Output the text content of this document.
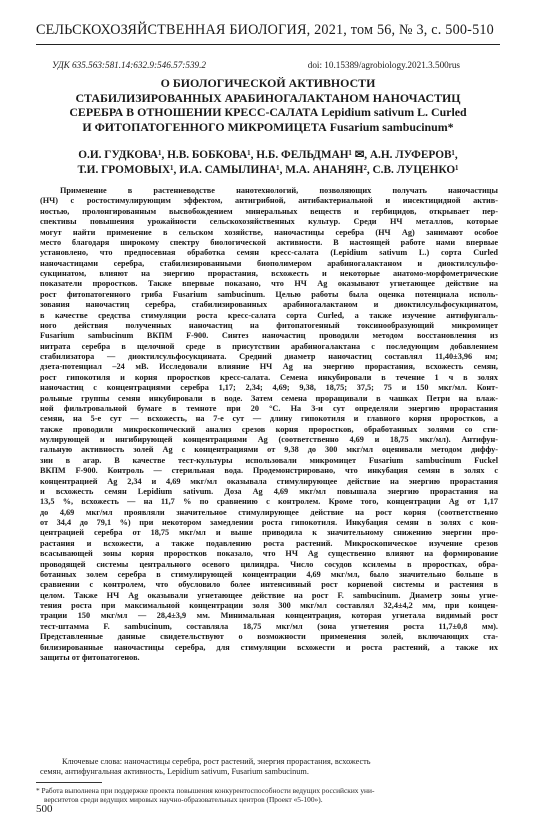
СЕЛЬСКОХОЗЯЙСТВЕННАЯ БИОЛОГИЯ, 2021, том 56, № 3, с. 500-510
УДК 635.563:581.14:632.9:546.57:539.2	doi: 10.15389/agrobiology.2021.3.500rus
О БИОЛОГИЧЕСКОЙ АКТИВНОСТИ
СТАБИЛИЗИРОВАННЫХ АРАБИНОГАЛАКТАНОМ НАНОЧАСТИЦ
СЕРЕБРА В ОТНОШЕНИИ КРЕСС-САЛАТА Lepidium sativum L. Curled
И ФИТОПАТОГЕННОГО МИКРОМИЦЕТА Fusarium sambucinum*
О.И. ГУДКОВА¹, Н.В. БОБКОВА¹, Н.Б. ФЕЛЬДМАН¹ ✉, А.Н. ЛУФЕРОВ¹,
Т.И. ГРОМОВЫХ¹, И.А. САМЫЛИНА¹, М.А. АНАНЯН², С.В. ЛУЦЕНКО¹
Применение в растениеводстве нанотехнологий, позволяющих получать наночастицы
(НЧ) с ростостимулирующим эффектом, антигрибной, антибактериальной и инсектицидной актив-
ностью, пролонгированным высвобождением минеральных веществ и гербицидов, открывает пер-
спективы повышения урожайности сельскохозяйственных культур. Среди НЧ металлов, которые
могут найти применение в сельском хозяйстве, наночастицы серебра (НЧ Ag) занимают особое
место благодаря широкому спектру биологической активности. В настоящей работе нами впервые
установлено, что предпосевная обработка семян кресс-салата (Lepidium sativum L.) сорта Curled
наночастицами серебра, стабилизированными биополимером арабиногалактаном и диоктилсульфо-
сукцинатом, влияют на энергию прорастания, всхожесть и некоторые анатомо-морфометрические
показатели проростков. Также впервые показано, что НЧ Ag оказывают угнетающее действие на
рост фитопатогенного гриба Fusarium sambucinum. Целью работы была оценка потенциала исполь-
зования наночастиц серебра, стабилизированных арабиногалактаном и диоктилсульфосукцинатом,
в качестве средства стимуляции роста кресс-салата сорта Curled, а также изучение антифунгаль-
ного действия полученных наночастиц на фитопатогенный токсинообразующий микромицет
Fusarium sambucinum ВКПМ F-900. Синтез наночастиц проводили методом восстановления из
нитрата серебра в щелочной среде в присутствии арабиногалактана с последующим добавлением
стабилизатора — диоктилсульфосукцината. Средний диаметр наночастиц составлял 11,40±3,96 нм;
дзета-потенциал –24 мВ. Исследовали влияние НЧ Ag на энергию прорастания, всхожесть семян,
рост гипокотиля и корня проростков кресс-салата. Семена инкубировали в течение 1 ч в золях
наночастиц с концентрациями серебра 1,17; 2,34; 4,69; 9,38, 18,75; 37,5; 75 и 150 мкг/мл. Конт-
рольные группы семян инкубировали в воде. Затем семена проращивали в чашках Петри на влаж-
ной фильтровальной бумаге в темноте при 20 °С. На 3-и сут определяли энергию прорастания
семян, на 5-е сут — всхожесть, на 7-е сут — длину гипокотиля и главного корня проростков, а
также проводили микроскопический анализ срезов корня проростков, обработанных золями со сти-
мулирующей и ингибирующей концентрациями Ag (соответственно 4,69 и 18,75 мкг/мл). Антифун-
гальную активность золей Ag с концентрациями от 9,38 до 300 мкг/мл оценивали методом диффу-
зии в агар. В качестве тест-культуры использовали микромицет Fusarium sambucinum Fuckel
ВКПМ F-900. Контроль — стерильная вода. Продемонстрировано, что инкубация семян в золях с
концентрацией Ag 2,34 и 4,69 мкг/мл оказывала стимулирующее действие на энергию прорастания
и всхожесть семян Lepidium sativum. Доза Ag 4,69 мкг/мл повышала энергию прорастания на
13,5 %, всхожесть — на 11,7 % по сравнению с контролем. Кроме того, концентрации Ag от 1,17
до 4,69 мкг/мл проявляли значительное стимулирующее действие на рост корня (соответственно
от 34,4 до 79,1 %) при некотором замедлении роста гипокотиля. Инкубация семян в золях с кон-
центрацией серебра от 18,75 мкг/мл и выше приводила к значительному снижению энергии про-
растания и всхожести, а также подавлению роста растений. Микроскопическое изучение срезов
всасывающей зоны корня проростков показало, что НЧ Ag существенно влияют на формирование
проводящей системы центрального осевого цилиндра. Число сосудов ксилемы в проростках, обра-
ботанных золем серебра в стимулирующей концентрации 4,69 мкг/мл, было значительно больше в
сравнении с контролем, что обусловило более интенсивный рост корневой системы и растения в
целом. Также НЧ Ag оказывали угнетающее действие на рост F. sambucinum. Диаметр зоны угне-
тения роста при максимальной концентрации золя 300 мкг/мл составлял 32,4±4,2 мм, при концен-
трации 150 мкг/мл — 28,4±3,9 мм. Минимальная концентрация, которая угнетала видимый рост
тест-штамма F. sambucinum, составляла 18,75 мкг/мл (зона угнетения роста 11,7±0,8 мм).
Представленные данные свидетельствуют о возможности применения золей, включающих ста-
билизированные наночастицы серебра, для стимуляции всхожести и роста растений, а также их
защиты от фитопатогенов.
Ключевые слова: наночастицы серебра, рост растений, энергия прорастания, всхожесть
семян, антифунгальная активность, Lepidium sativum, Fusarium sambucinum.
* Работа выполнена при поддержке проекта повышения конкурентоспособности ведущих российских уни-
верситетов среди ведущих мировых научно-образовательных центров (Проект «5-100»).
500
